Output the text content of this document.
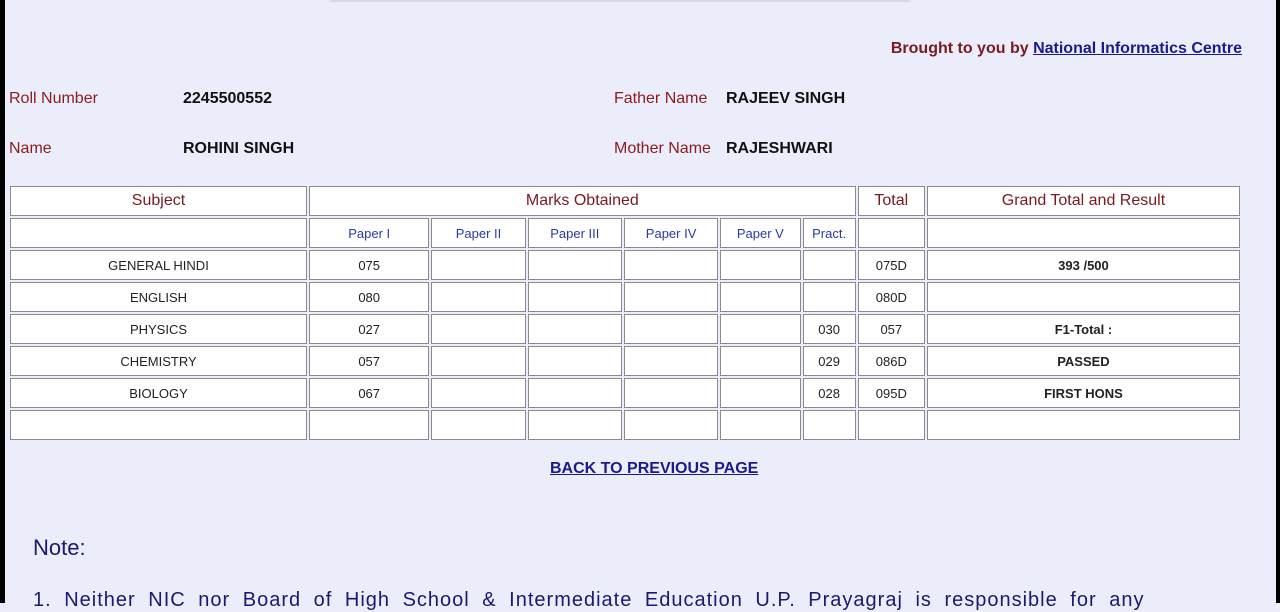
Brought to you by National Informatics Centre
Roll Number	2245500552	Father Name RAJEEV SINGH
Name	ROHINI SINGH	Mother Name RAJESHWARI
Subject	Marks Obtained						Total	Grand Total and Result
	Paper I	Paper II	Paper III	Paper IV	Paper V	Pract.		
GENERAL HINDI	075						075D	393 /500
ENGLISH	080						080D	
PHYSICS	027					030	057	F1-Total :
CHEMISTRY	057					029	086D	PASSED
BIOLOGY	067					028	095D	FIRST HONS

BACK TO PREVIOUS PAGE
Note:
1. Neither NIC nor Board of High School & Intermediate Education U.P. Prayagraj is responsible for any
